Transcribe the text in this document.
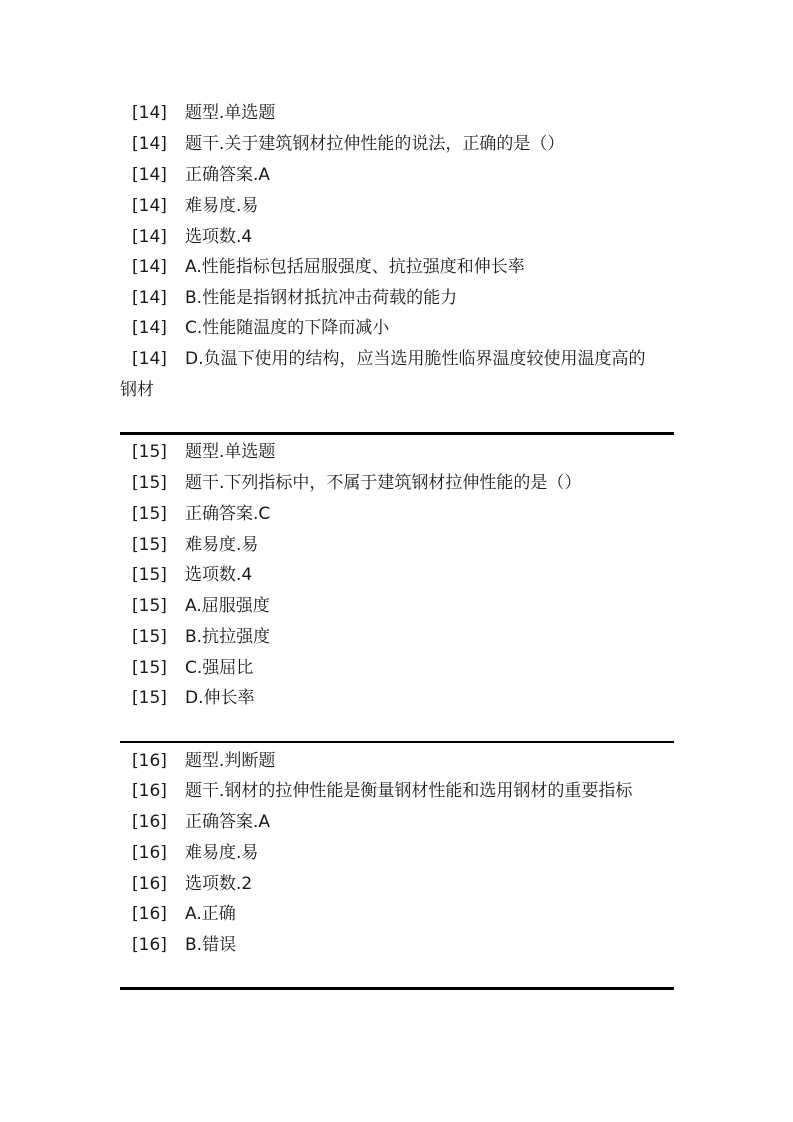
[14] 题型.单选题
[14] 题干.关于建筑钢材拉伸性能的说法，正确的是（）
[14] 正确答案.A
[14] 难易度.易
[14] 选项数.4
[14] A.性能指标包括屈服强度、抗拉强度和伸长率
[14] B.性能是指钢材抵抗冲击荷载的能力
[14] C.性能随温度的下降而减小
[14] D.负温下使用的结构，应当选用脆性临界温度较使用温度高的
钢材
[15] 题型.单选题
[15] 题干.下列指标中，不属于建筑钢材拉伸性能的是（）
[15] 正确答案.C
[15] 难易度.易
[15] 选项数.4
[15] A.屈服强度
[15] B.抗拉强度
[15] C.强屈比
[15] D.伸长率
[16] 题型.判断题
[16] 题干.钢材的拉伸性能是衡量钢材性能和选用钢材的重要指标
[16] 正确答案.A
[16] 难易度.易
[16] 选项数.2
[16] A.正确
[16] B.错误
